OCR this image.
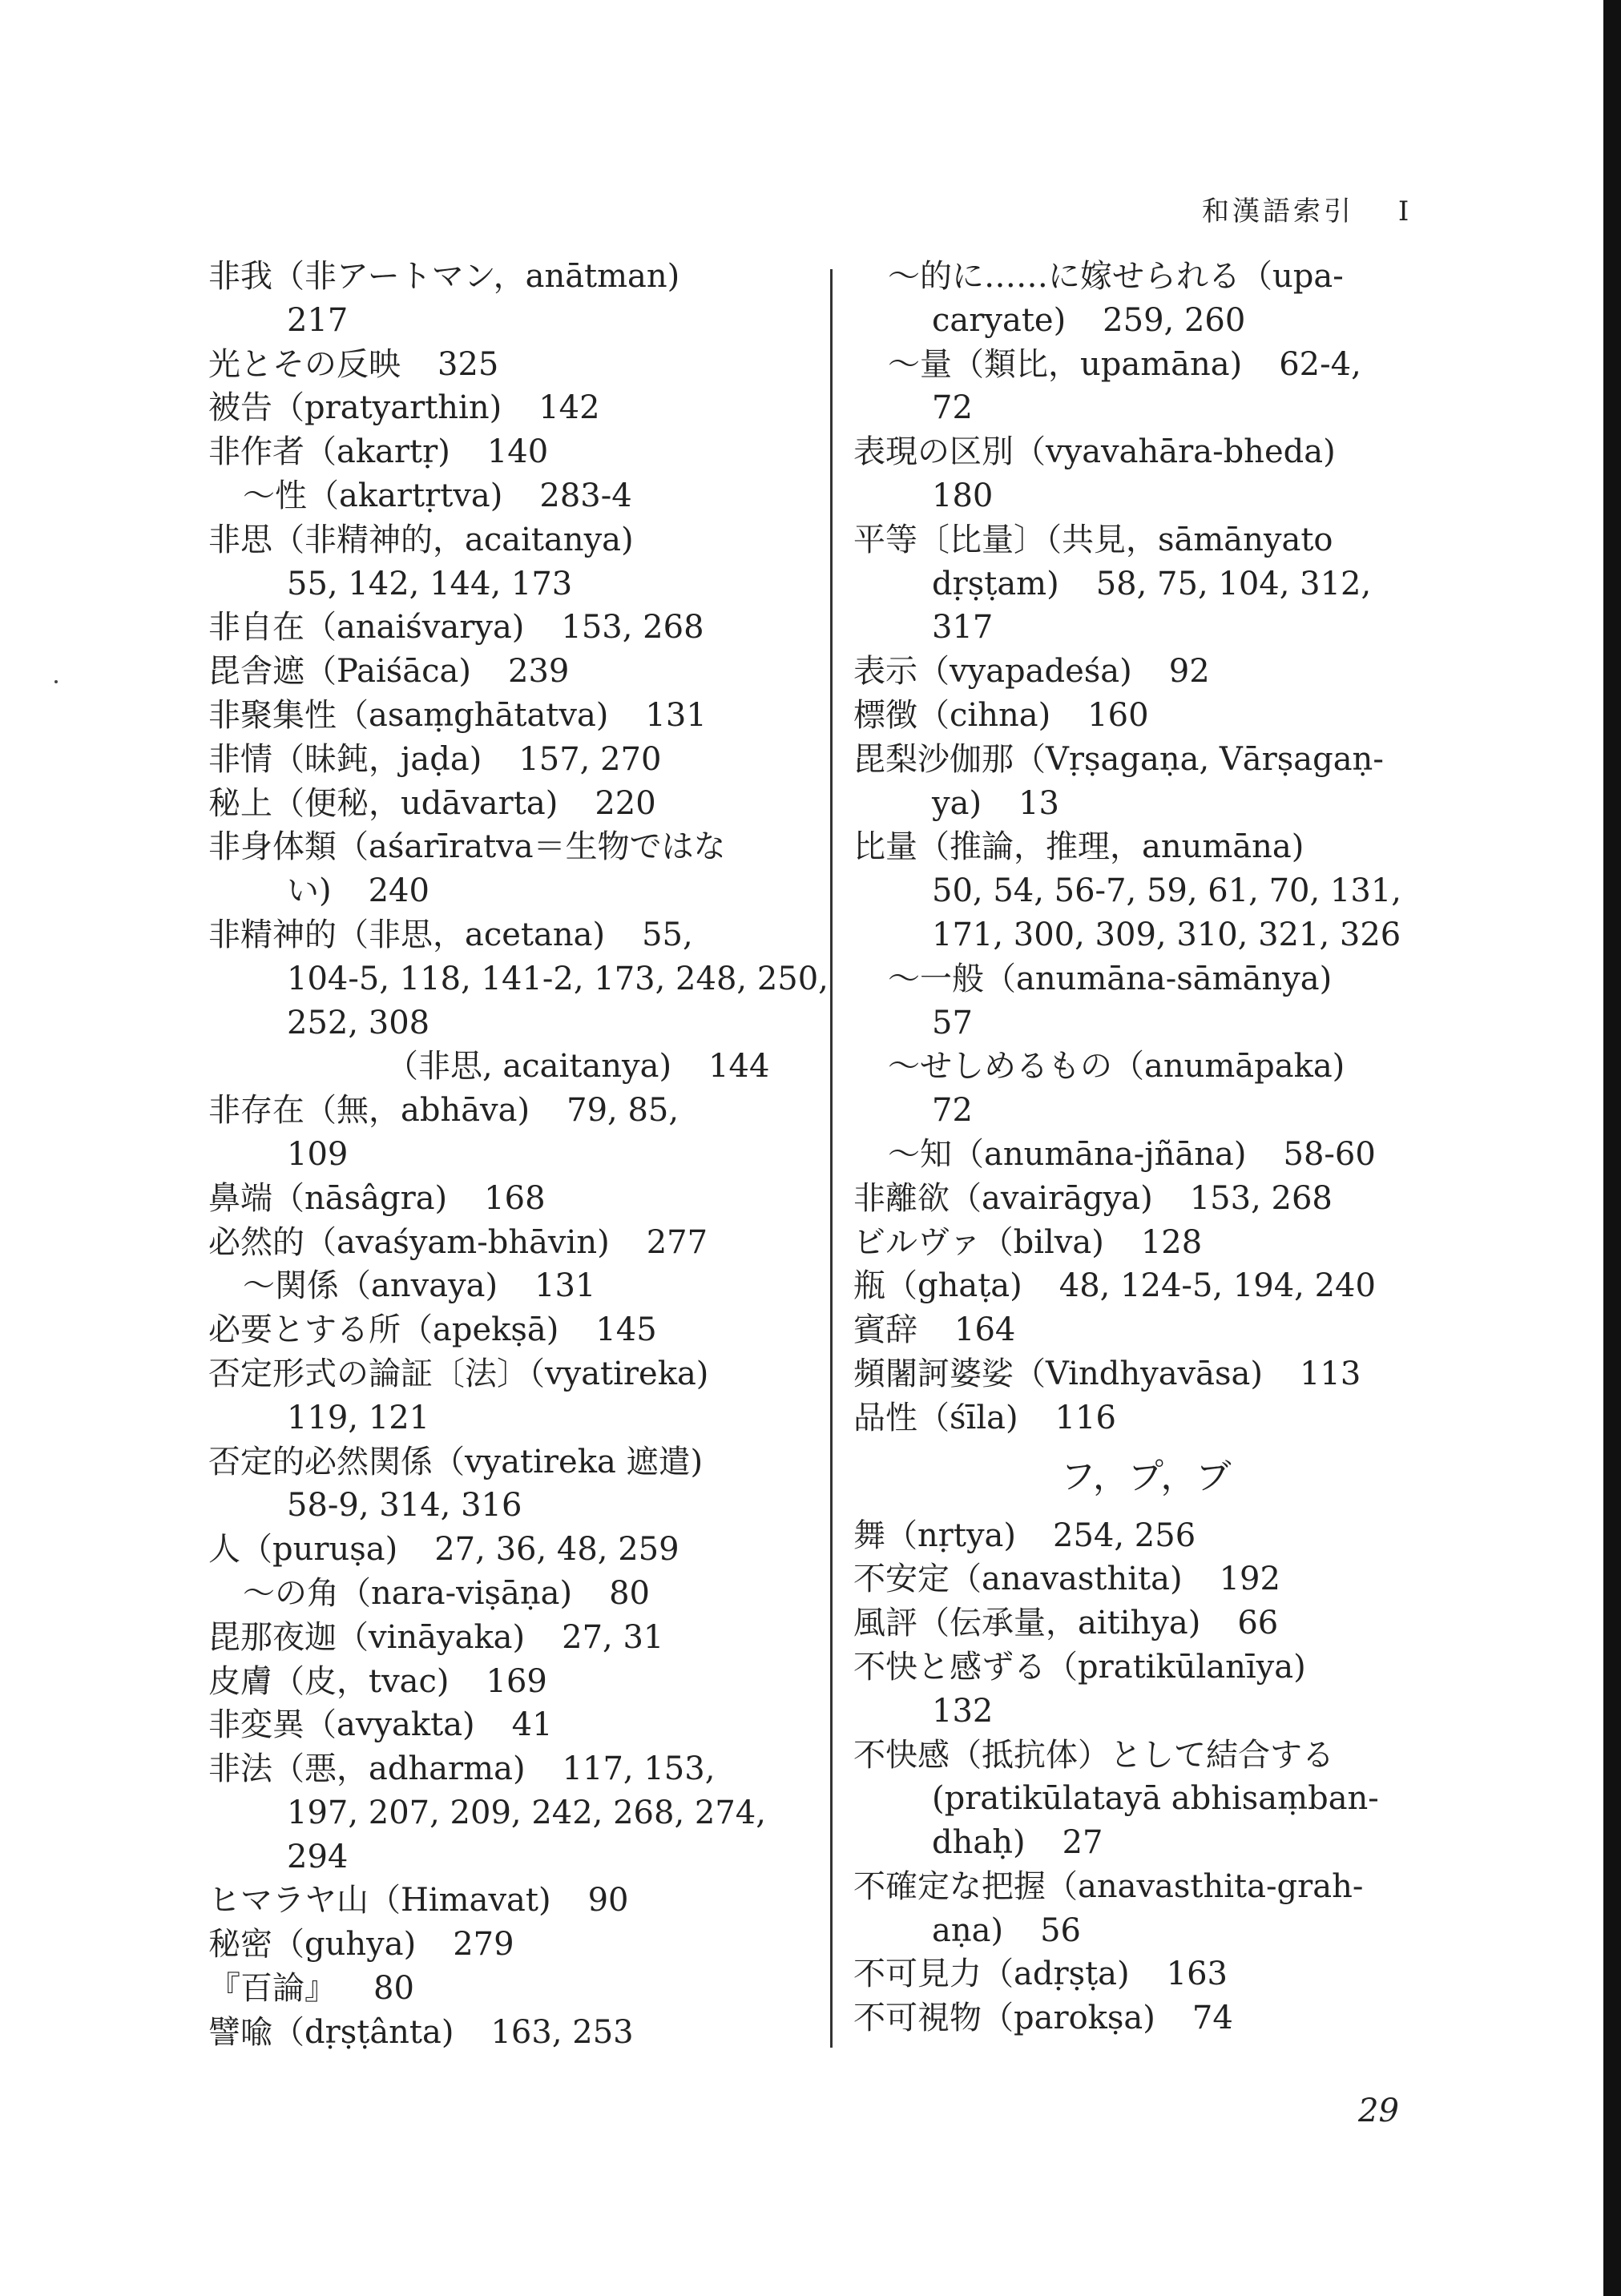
和漢語索引 I
非我（非アートマン，anātman)
217
光とその反映 325
被告（pratyarthin) 142
非作者（akartṛ) 140
〜性（akartṛtva) 283-4
非思（非精神的，acaitanya)
55, 142, 144, 173
非自在（anaiśvarya) 153, 268
毘舎遮（Paiśāca) 239
非聚集性（asaṃghātatva) 131
非情（昧鈍，jaḍa) 157, 270
秘上（便秘，udāvarta) 220
非身体類（aśarīratva＝生物ではな
い) 240
非精神的（非思，acetana) 55,
104-5, 118, 141-2, 173, 248, 250,
252, 308
（非思, acaitanya) 144
非存在（無，abhāva) 79, 85,
109
鼻端（nāsâgra) 168
必然的（avaśyam-bhāvin) 277
〜関係（anvaya) 131
必要とする所（apekṣā) 145
否定形式の論証〔法〕（vyatireka)
119, 121
否定的必然関係（vyatireka 遮遣)
58-9, 314, 316
人（puruṣa) 27, 36, 48, 259
〜の角（nara-viṣāṇa) 80
毘那夜迦（vināyaka) 27, 31
皮膚（皮，tvac) 169
非変異（avyakta) 41
非法（悪，adharma) 117, 153,
197, 207, 209, 242, 268, 274,
294
ヒマラヤ山（Himavat) 90
秘密（guhya) 279
『百論』 80
譬喩（dṛṣṭânta) 163, 253
〜的に……に嫁せられる（upa-
caryate) 259, 260
〜量（類比，upamāna) 62-4,
72
表現の区別（vyavahāra-bheda)
180
平等〔比量〕（共見，sāmānyato
dṛṣṭam) 58, 75, 104, 312,
317
表示（vyapadeśa) 92
標徴（cihna) 160
毘梨沙伽那（Vṛṣagaṇa, Vārṣagaṇ-
ya) 13
比量（推論，推理，anumāna)
50, 54, 56-7, 59, 61, 70, 131,
171, 300, 309, 310, 321, 326
〜一般（anumāna-sāmānya)
57
〜せしめるもの（anumāpaka)
72
〜知（anumāna-jñāna) 58-60
非離欲（avairāgya) 153, 268
ビルヴァ（bilva) 128
瓶（ghaṭa) 48, 124-5, 194, 240
賓辞 164
頻闍訶婆娑（Vindhyavāsa) 113
品性（śīla) 116
フ，プ，ブ
舞（nṛtya) 254, 256
不安定（anavasthita) 192
風評（伝承量，aitihya) 66
不快と感ずる（pratikūlanīya)
132
不快感（抵抗体）として結合する
(pratikūlatayā abhisaṃban-
dhaḥ) 27
不確定な把握（anavasthita-grah-
aṇa) 56
不可見力（adṛṣṭa) 163
不可視物（parokṣa) 74
29
